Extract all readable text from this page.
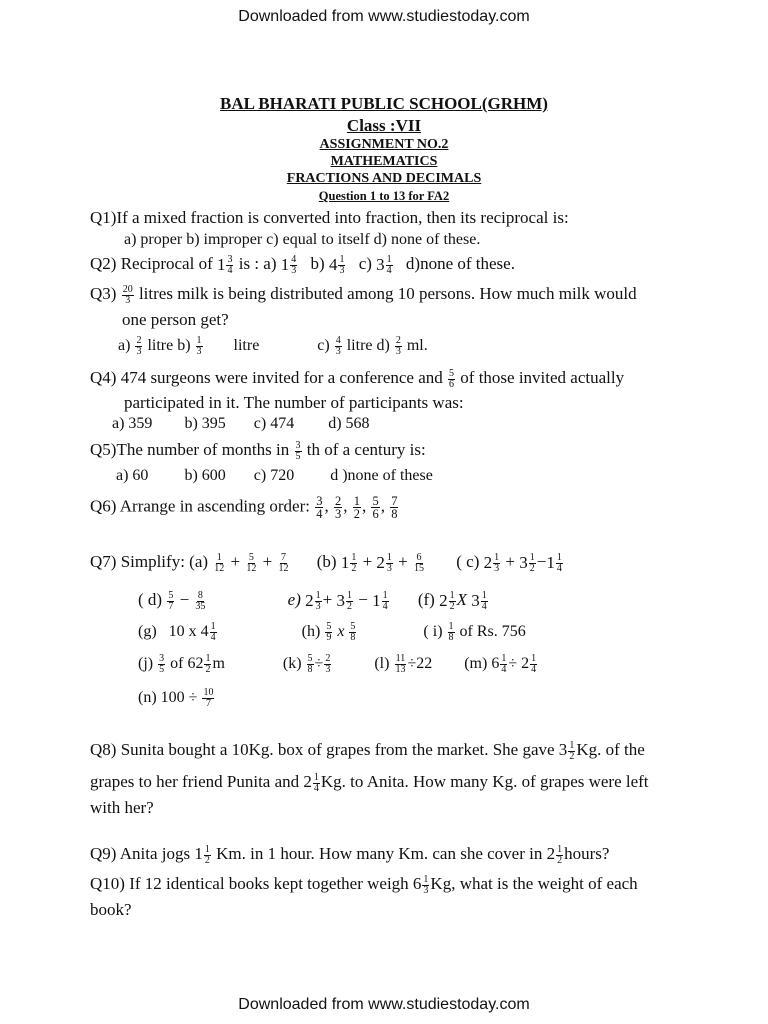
Downloaded from www.studiestoday.com
BAL BHARATI PUBLIC SCHOOL(GRHM)
Class :VII
ASSIGNMENT NO.2
MATHEMATICS
FRACTIONS AND DECIMALS
Question 1 to 13 for FA2
Q1)If a mixed fraction is converted into fraction, then its reciprocal is:
a) proper b) improper c) equal to itself d) none of these.
Q2) Reciprocal of 1 3
4 is : a) 1 4
3 b) 4 1
3 c) 3 1
4 d)none of these.
$Q3) \frac{20}{3}$ litres milk is being distributed among 10 persons. How much milk would
one person get?
$a) \frac{2}{3}$ litre $b) \frac{1}{3}$ litre	$c) \frac{4}{3}$ litre $d) \frac{2}{3}$ ml.
Q4) 474 surgeons were invited for a conference and $\frac{5}{6}$ of those invited actually
participated in it. The number of participants was:
a) 359 b) 395 c) 474 d) 568
Q5)The number of months in $\frac{3}{5}$ th of a century is:
a) 60 b) 600 c) 720 d )none of these
Q6) Arrange in ascending order: $\frac{3}{4}$ , $\frac{2}{3}$ , $\frac{1}{2}$ , $\frac{5}{6}$ , $\frac{7}{8}$
Q7) Simplify: $(a) \frac{1}{12} + \frac{5}{12} + \frac{7}{12} (b)$ 1 1
2 + 2 1
$3 + \frac{6}{15}$ ( c) 2 1
3 + 3 1
2 −1 1
4
( $d) \frac{5}{7} - \frac{8}{35}$	e) 2 1
3 + 3 1
2 − 1 1
4 (f) 2 1
2 X 3 1
4
(g) 10 x $4 \frac{1}{4}$	$(h) \frac{5}{9}$ x $\frac{5}{8}$	( $i) \frac{1}{8}$ of Rs. 756
$(j) \frac{3}{5}$ of $62 \frac{1}{2}$ m	$(k) \frac{5}{8} \div \frac{2}{3}$	$(l) \frac{11}{13} \div 22$ (m) $6 \frac{1}{4} \div 2 \frac{1}{4}$
(n) $100 \div \frac{10}{7}$
Q8) Sunita bought a 10Kg. box of grapes from the market. She gave $3 \frac{1}{2} Kg$. of the
grapes to her friend Punita and $2 \frac{1}{4} Kg$. to Anita. How many Kg. of grapes were left
with her?
Q9) Anita jogs $1 \frac{1}{2} Km$. in 1 hour. How many Km. can she cover in $2 \frac{1}{2}$ hours?
Q10) If 12 identical books kept together weigh $6 \frac{1}{3} Kg$, what is the weight of each
book?
Downloaded from www.studiestoday.com
